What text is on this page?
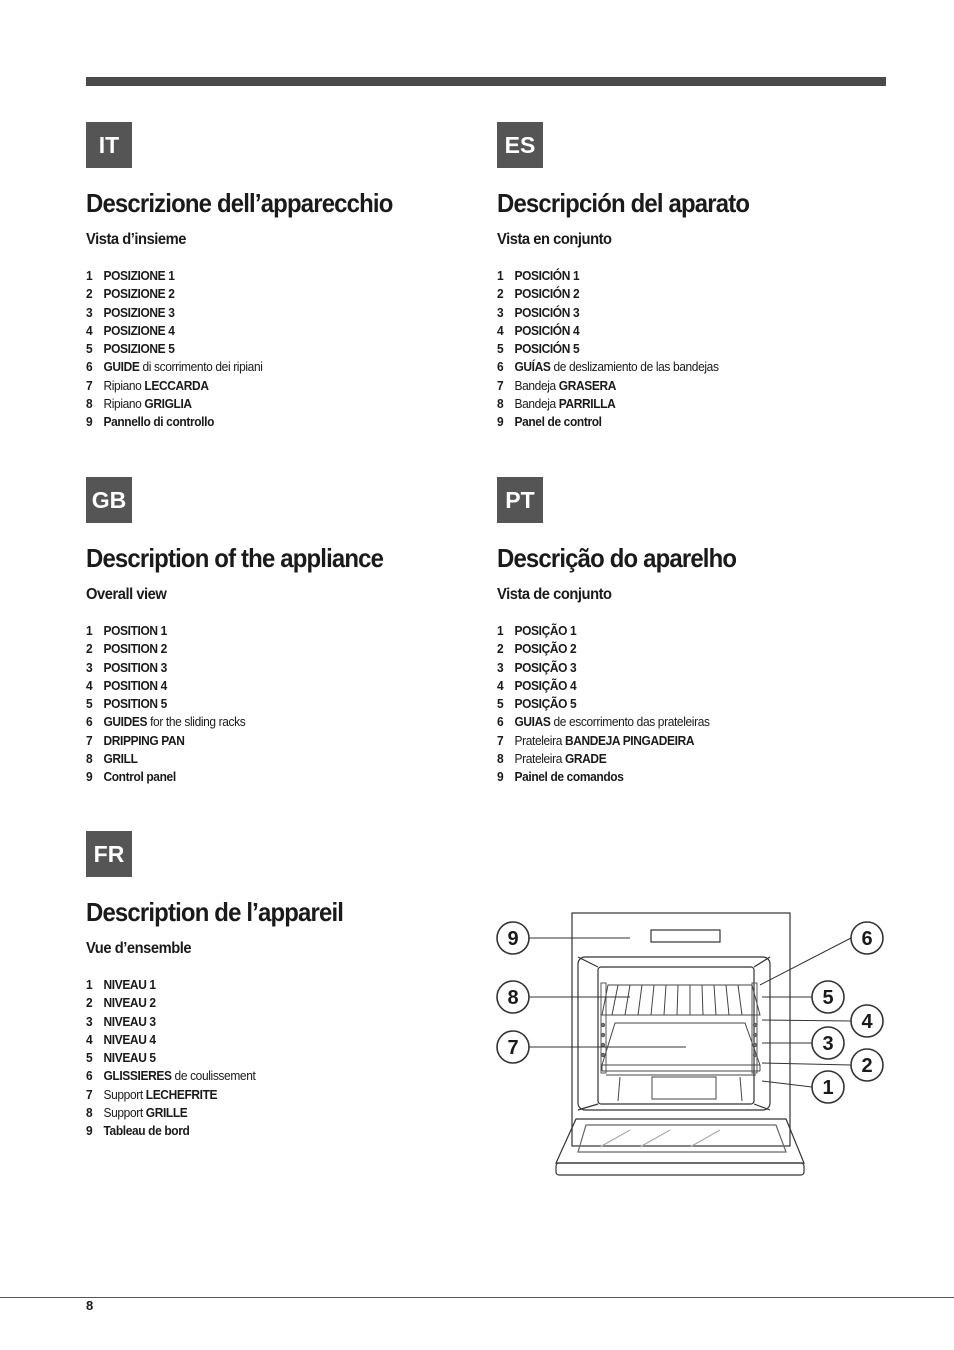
IT
Descrizione dell’apparecchio
Vista d’insieme
1 POSIZIONE 1
2 POSIZIONE 2
3 POSIZIONE 3
4 POSIZIONE 4
5 POSIZIONE 5
6 GUIDE di scorrimento dei ripiani
7 Ripiano LECCARDA
8 Ripiano GRIGLIA
9 Pannello di controllo
ES
Descripción del aparato
Vista en conjunto
1 POSICIÓN 1
2 POSICIÓN 2
3 POSICIÓN 3
4 POSICIÓN 4
5 POSICIÓN 5
6 GUÍAS de deslizamiento de las bandejas
7 Bandeja GRASERA
8 Bandeja PARRILLA
9 Panel de control
GB
Description of the appliance
Overall view
1 POSITION 1
2 POSITION 2
3 POSITION 3
4 POSITION 4
5 POSITION 5
6 GUIDES for the sliding racks
7 DRIPPING PAN
8 GRILL
9 Control panel
PT
Descrição do aparelho
Vista de conjunto
1 POSIÇÃO 1
2 POSIÇÃO 2
3 POSIÇÃO 3
4 POSIÇÃO 4
5 POSIÇÃO 5
6 GUIAS de escorrimento das prateleiras
7 Prateleira BANDEJA PINGADEIRA
8 Prateleira GRADE
9 Painel de comandos
FR
Description de l’appareil
Vue d’ensemble
1 NIVEAU 1
2 NIVEAU 2
3 NIVEAU 3
4 NIVEAU 4
5 NIVEAU 5
6 GLISSIERES de coulissement
7 Support LECHEFRITE
8 Support GRILLE
9 Tableau de bord
9
8
7
6
5
4
3
2
1
8
